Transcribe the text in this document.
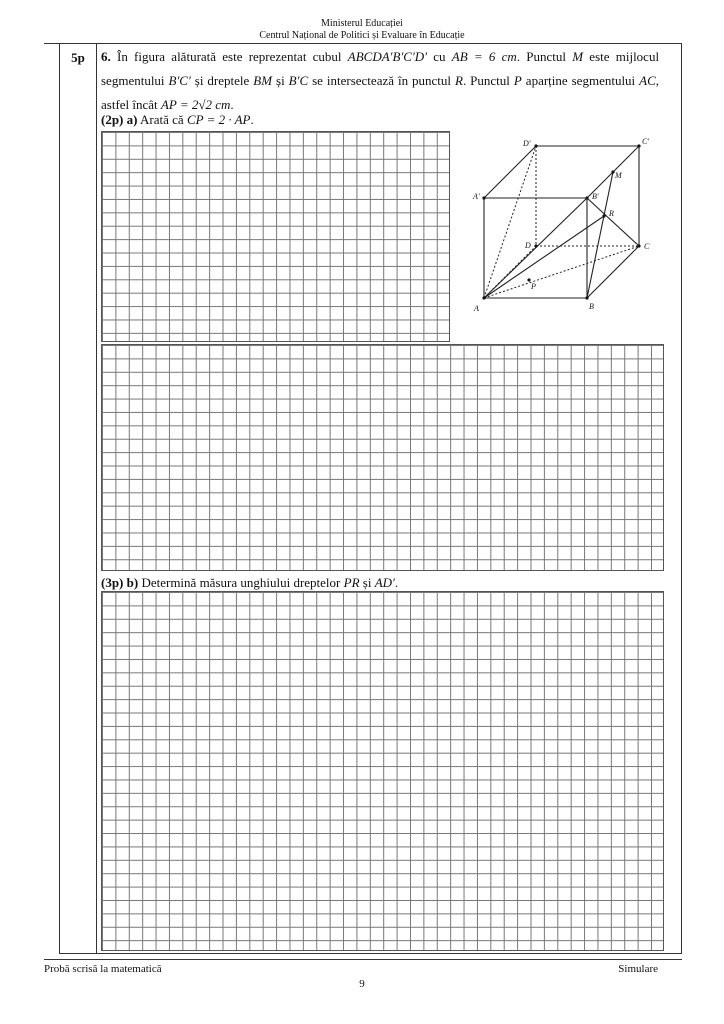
Ministerul Educației
Centrul Național de Politici și Evaluare în Educație
5p	6. În figura alăturată este reprezentat cubul ABCDA′B′C′D′ cu AB = 6 cm. Punctul M este mijlocul segmentului B′C′ și dreptele BM și B′C se intersectează în punctul R. Punctul P aparține segmentului AC, astfel încât AP = 2√2 cm.
(2p) a) Arată că CP = 2 · AP.
D′	C′
A′	B′
M
R
D	C
P
A	B
(3p) b) Determină măsura unghiului dreptelor PR și AD′.
Probă scrisă la matematică	Simulare
9
